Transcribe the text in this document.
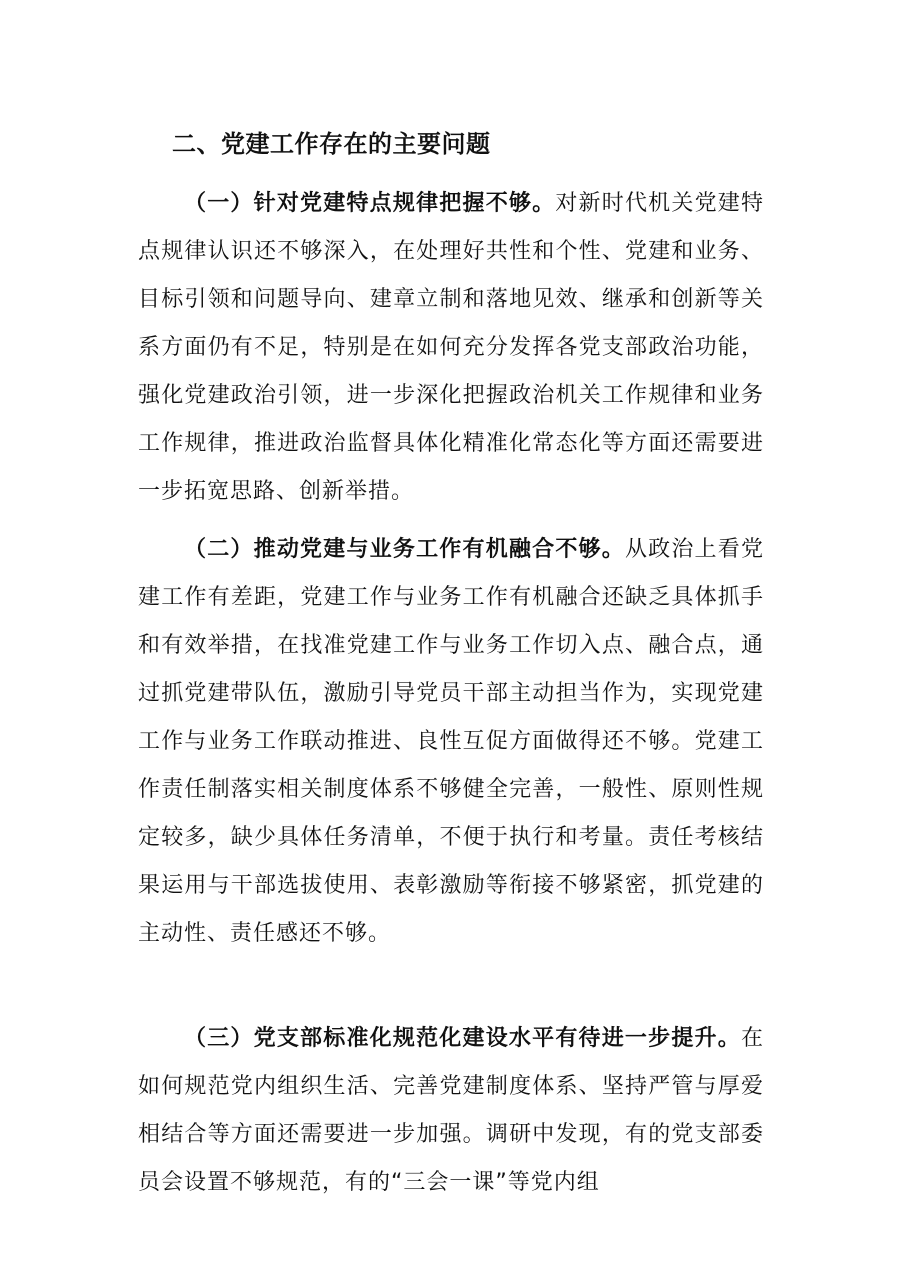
二、党建工作存在的主要问题

（一）针对党建特点规律把握不够。对新时代机关党建特点规律认识还不够深入，在处理好共性和个性、党建和业务、目标引领和问题导向、建章立制和落地见效、继承和创新等关系方面仍有不足，特别是在如何充分发挥各党支部政治功能，强化党建政治引领，进一步深化把握政治机关工作规律和业务工作规律，推进政治监督具体化精准化常态化等方面还需要进一步拓宽思路、创新举措。

（二）推动党建与业务工作有机融合不够。从政治上看党建工作有差距，党建工作与业务工作有机融合还缺乏具体抓手和有效举措，在找准党建工作与业务工作切入点、融合点，通过抓党建带队伍，激励引导党员干部主动担当作为，实现党建工作与业务工作联动推进、良性互促方面做得还不够。党建工作责任制落实相关制度体系不够健全完善，一般性、原则性规定较多，缺少具体任务清单，不便于执行和考量。责任考核结果运用与干部选拔使用、表彰激励等衔接不够紧密，抓党建的主动性、责任感还不够。

（三）党支部标准化规范化建设水平有待进一步提升。在如何规范党内组织生活、完善党建制度体系、坚持严管与厚爱相结合等方面还需要进一步加强。调研中发现，有的党支部委员会设置不够规范，有的“三会一课”等党内组
